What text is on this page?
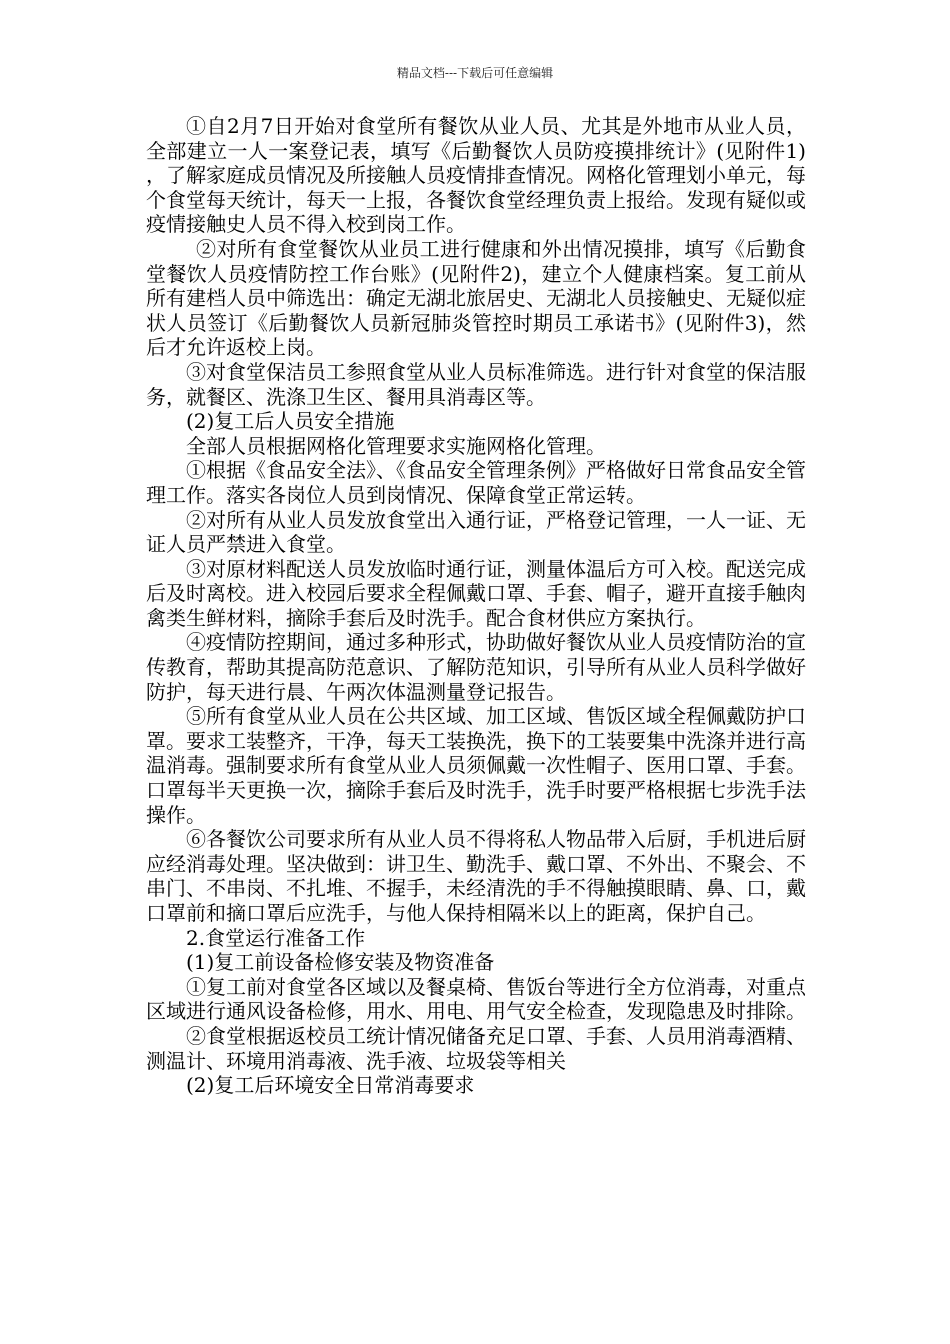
精品文档---下载后可任意编辑

①自2月7日开始对食堂所有餐饮从业人员、尤其是外地市从业人员，全部建立一人一案登记表，填写《后勤餐饮人员防疫摸排统计》(见附件1)，了解家庭成员情况及所接触人员疫情排查情况。网格化管理划小单元，每个食堂每天统计，每天一上报，各餐饮食堂经理负责上报给。发现有疑似或疫情接触史人员不得入校到岗工作。

②对所有食堂餐饮从业员工进行健康和外出情况摸排，填写《后勤食堂餐饮人员疫情防控工作台账》(见附件2)，建立个人健康档案。复工前从所有建档人员中筛选出：确定无湖北旅居史、无湖北人员接触史、无疑似症状人员签订《后勤餐饮人员新冠肺炎管控时期员工承诺书》(见附件3)，然后才允许返校上岗。

③对食堂保洁员工参照食堂从业人员标准筛选。进行针对食堂的保洁服务，就餐区、洗涤卫生区、餐用具消毒区等。

(2)复工后人员安全措施

全部人员根据网格化管理要求实施网格化管理。

①根据《食品安全法》、《食品安全管理条例》严格做好日常食品安全管理工作。落实各岗位人员到岗情况、保障食堂正常运转。

②对所有从业人员发放食堂出入通行证，严格登记管理，一人一证、无证人员严禁进入食堂。

③对原材料配送人员发放临时通行证，测量体温后方可入校。配送完成后及时离校。进入校园后要求全程佩戴口罩、手套、帽子，避开直接手触肉禽类生鲜材料，摘除手套后及时洗手。配合食材供应方案执行。

④疫情防控期间，通过多种形式，协助做好餐饮从业人员疫情防治的宣传教育，帮助其提高防范意识、了解防范知识，引导所有从业人员科学做好防护，每天进行晨、午两次体温测量登记报告。

⑤所有食堂从业人员在公共区域、加工区域、售饭区域全程佩戴防护口罩。要求工装整齐，干净，每天工装换洗，换下的工装要集中洗涤并进行高温消毒。强制要求所有食堂从业人员须佩戴一次性帽子、医用口罩、手套。口罩每半天更换一次，摘除手套后及时洗手，洗手时要严格根据七步洗手法操作。

⑥各餐饮公司要求所有从业人员不得将私人物品带入后厨，手机进后厨应经消毒处理。坚决做到：讲卫生、勤洗手、戴口罩、不外出、不聚会、不串门、不串岗、不扎堆、不握手，未经清洗的手不得触摸眼睛、鼻、口，戴口罩前和摘口罩后应洗手，与他人保持相隔米以上的距离，保护自己。

2.食堂运行准备工作

(1)复工前设备检修安装及物资准备

①复工前对食堂各区域以及餐桌椅、售饭台等进行全方位消毒，对重点区域进行通风设备检修，用水、用电、用气安全检查，发现隐患及时排除。

②食堂根据返校员工统计情况储备充足口罩、手套、人员用消毒酒精、测温计、环境用消毒液、洗手液、垃圾袋等相关

(2)复工后环境安全日常消毒要求
